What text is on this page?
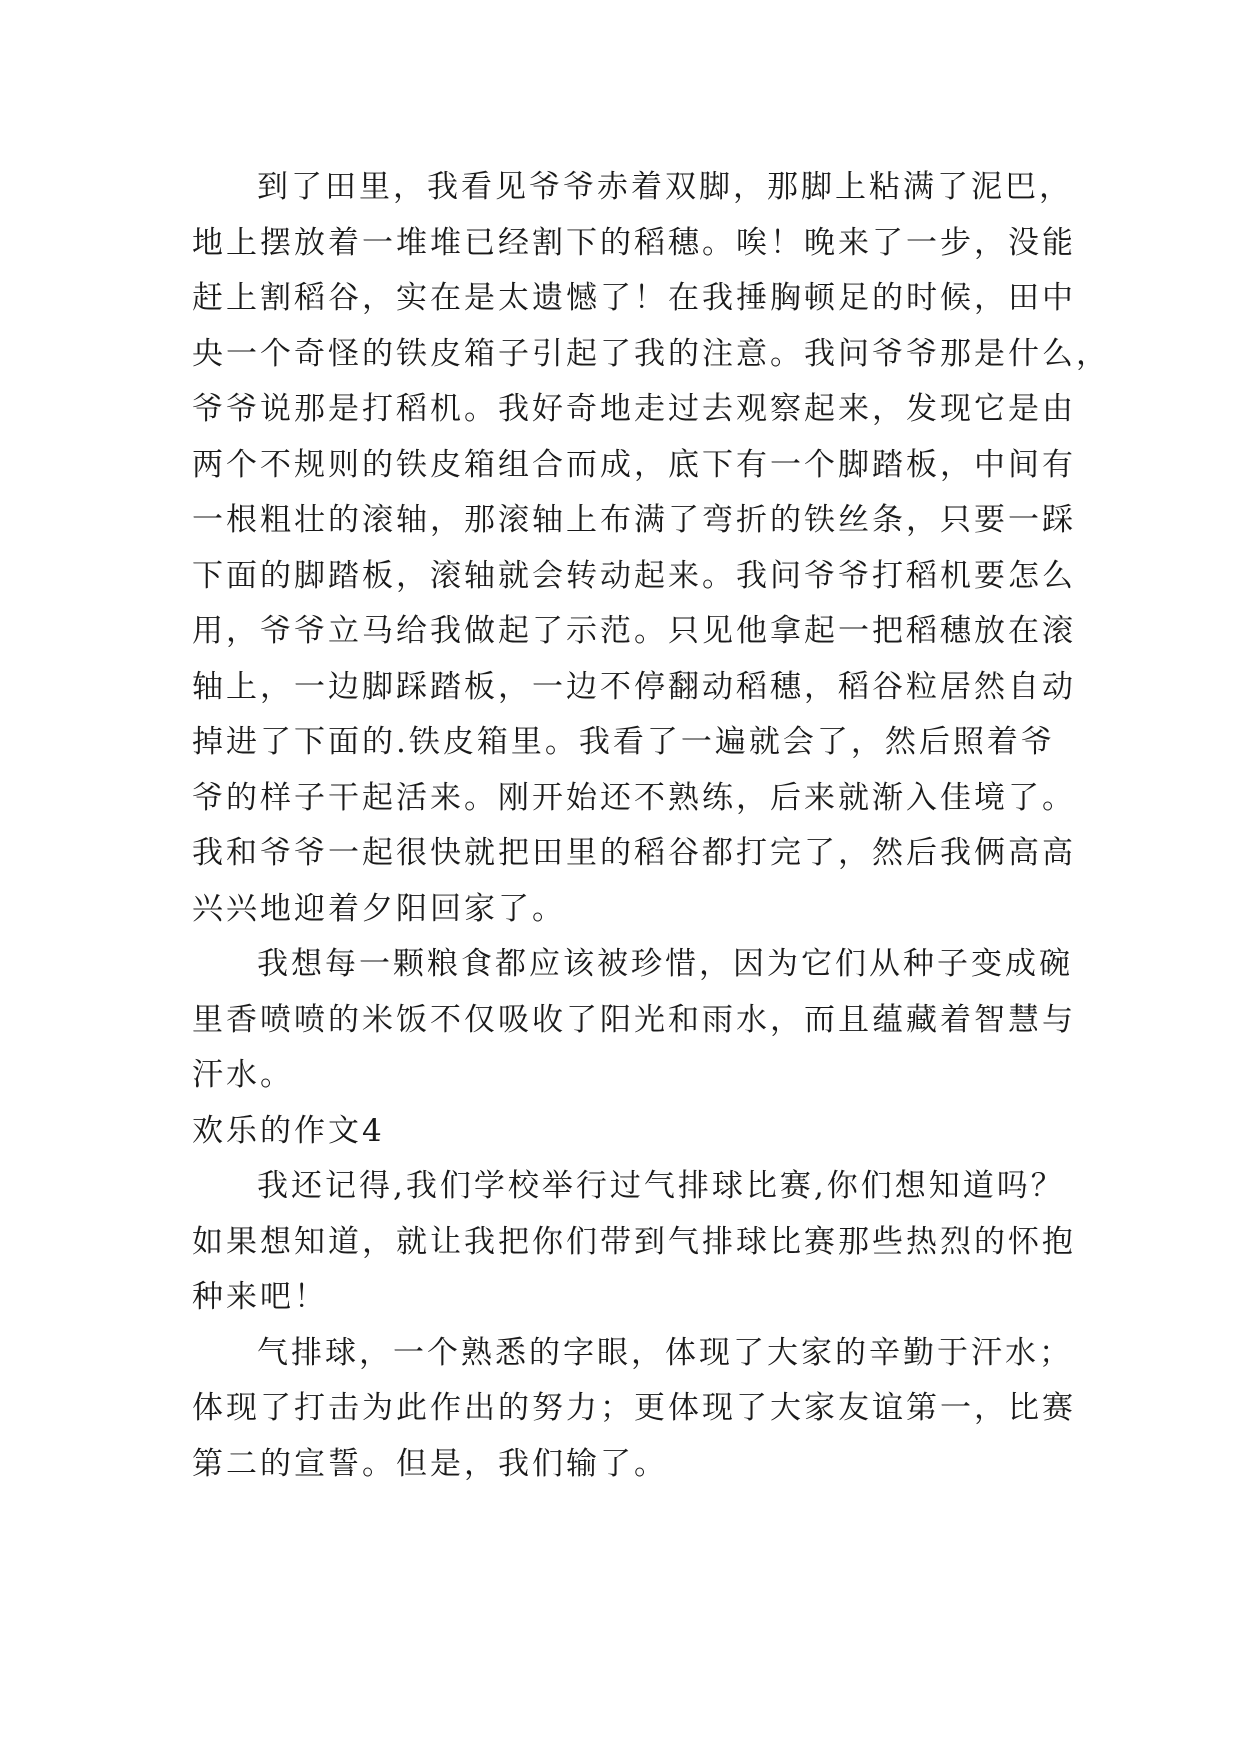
到了田里，我看见爷爷赤着双脚，那脚上粘满了泥巴，
地上摆放着一堆堆已经割下的稻穗。唉！晚来了一步，没能
赶上割稻谷，实在是太遗憾了！在我捶胸顿足的时候，田中
央一个奇怪的铁皮箱子引起了我的注意。我问爷爷那是什么，
爷爷说那是打稻机。我好奇地走过去观察起来，发现它是由
两个不规则的铁皮箱组合而成，底下有一个脚踏板，中间有
一根粗壮的滚轴，那滚轴上布满了弯折的铁丝条，只要一踩
下面的脚踏板，滚轴就会转动起来。我问爷爷打稻机要怎么
用，爷爷立马给我做起了示范。只见他拿起一把稻穗放在滚
轴上，一边脚踩踏板，一边不停翻动稻穗，稻谷粒居然自动
掉进了下面的.铁皮箱里。我看了一遍就会了，然后照着爷
爷的样子干起活来。刚开始还不熟练，后来就渐入佳境了。
我和爷爷一起很快就把田里的稻谷都打完了，然后我俩高高
兴兴地迎着夕阳回家了。
我想每一颗粮食都应该被珍惜，因为它们从种子变成碗
里香喷喷的米饭不仅吸收了阳光和雨水，而且蕴藏着智慧与
汗水。
欢乐的作文4
我还记得,我们学校举行过气排球比赛,你们想知道吗？
如果想知道，就让我把你们带到气排球比赛那些热烈的怀抱
种来吧！
气排球，一个熟悉的字眼，体现了大家的辛勤于汗水；
体现了打击为此作出的努力；更体现了大家友谊第一，比赛
第二的宣誓。但是，我们输了。
